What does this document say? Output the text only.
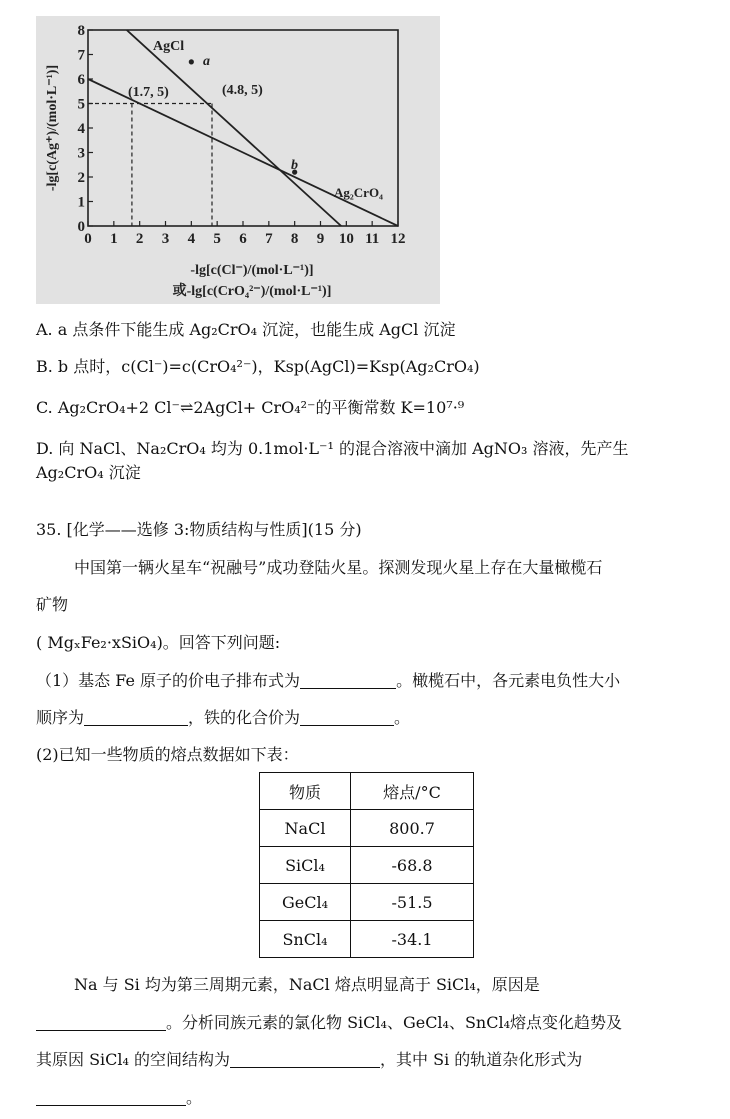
0 1 2 3 4 5 6 7 8 9 10 11 12
0
1
2
3
4
5
6
7
8
AgCl
a
(1.7, 5)	(4.8, 5)
b
Ag₂CrO₄
-lg[c(Cl⁻)/(mol·L⁻¹)]
或-lg[c(CrO₄²⁻)/(mol·L⁻¹)]
-lg[c(Ag⁺)/(mol·L⁻¹)]
A. a 点条件下能生成 Ag₂CrO₄ 沉淀，也能生成 AgCl 沉淀
B. b 点时，c(Cl⁻)=c(CrO₄²⁻)，Ksp(AgCl)=Ksp(Ag₂CrO₄)
C. Ag₂CrO₄+2 Cl⁻⇌2AgCl+ CrO₄²⁻的平衡常数 K=10⁷·⁹
D. 向 NaCl、Na₂CrO₄ 均为 0.1mol·L⁻¹ 的混合溶液中滴加 AgNO₃ 溶液，先产生
Ag₂CrO₄ 沉淀
35. [化学——选修 3:物质结构与性质](15 分)
中国第一辆火星车“祝融号”成功登陆火星。探测发现火星上存在大量橄榄石
矿物
( MgₓFe₂·xSiO₄)。回答下列问题:
（1）基态 Fe 原子的价电子排布式为	。橄榄石中，各元素电负性大小
顺序为	，铁的化合价为	。
(2)已知一些物质的熔点数据如下表：
物质	熔点/°C
NaCl	800.7
SiCl₄	-68.8
GeCl₄	-51.5
SnCl₄	-34.1
Na 与 Si 均为第三周期元素，NaCl 熔点明显高于 SiCl₄，原因是
。分析同族元素的氯化物 SiCl₄、GeCl₄、SnCl₄熔点变化趋势及
其原因 SiCl₄ 的空间结构为	，其中 Si 的轨道杂化形式为
。
